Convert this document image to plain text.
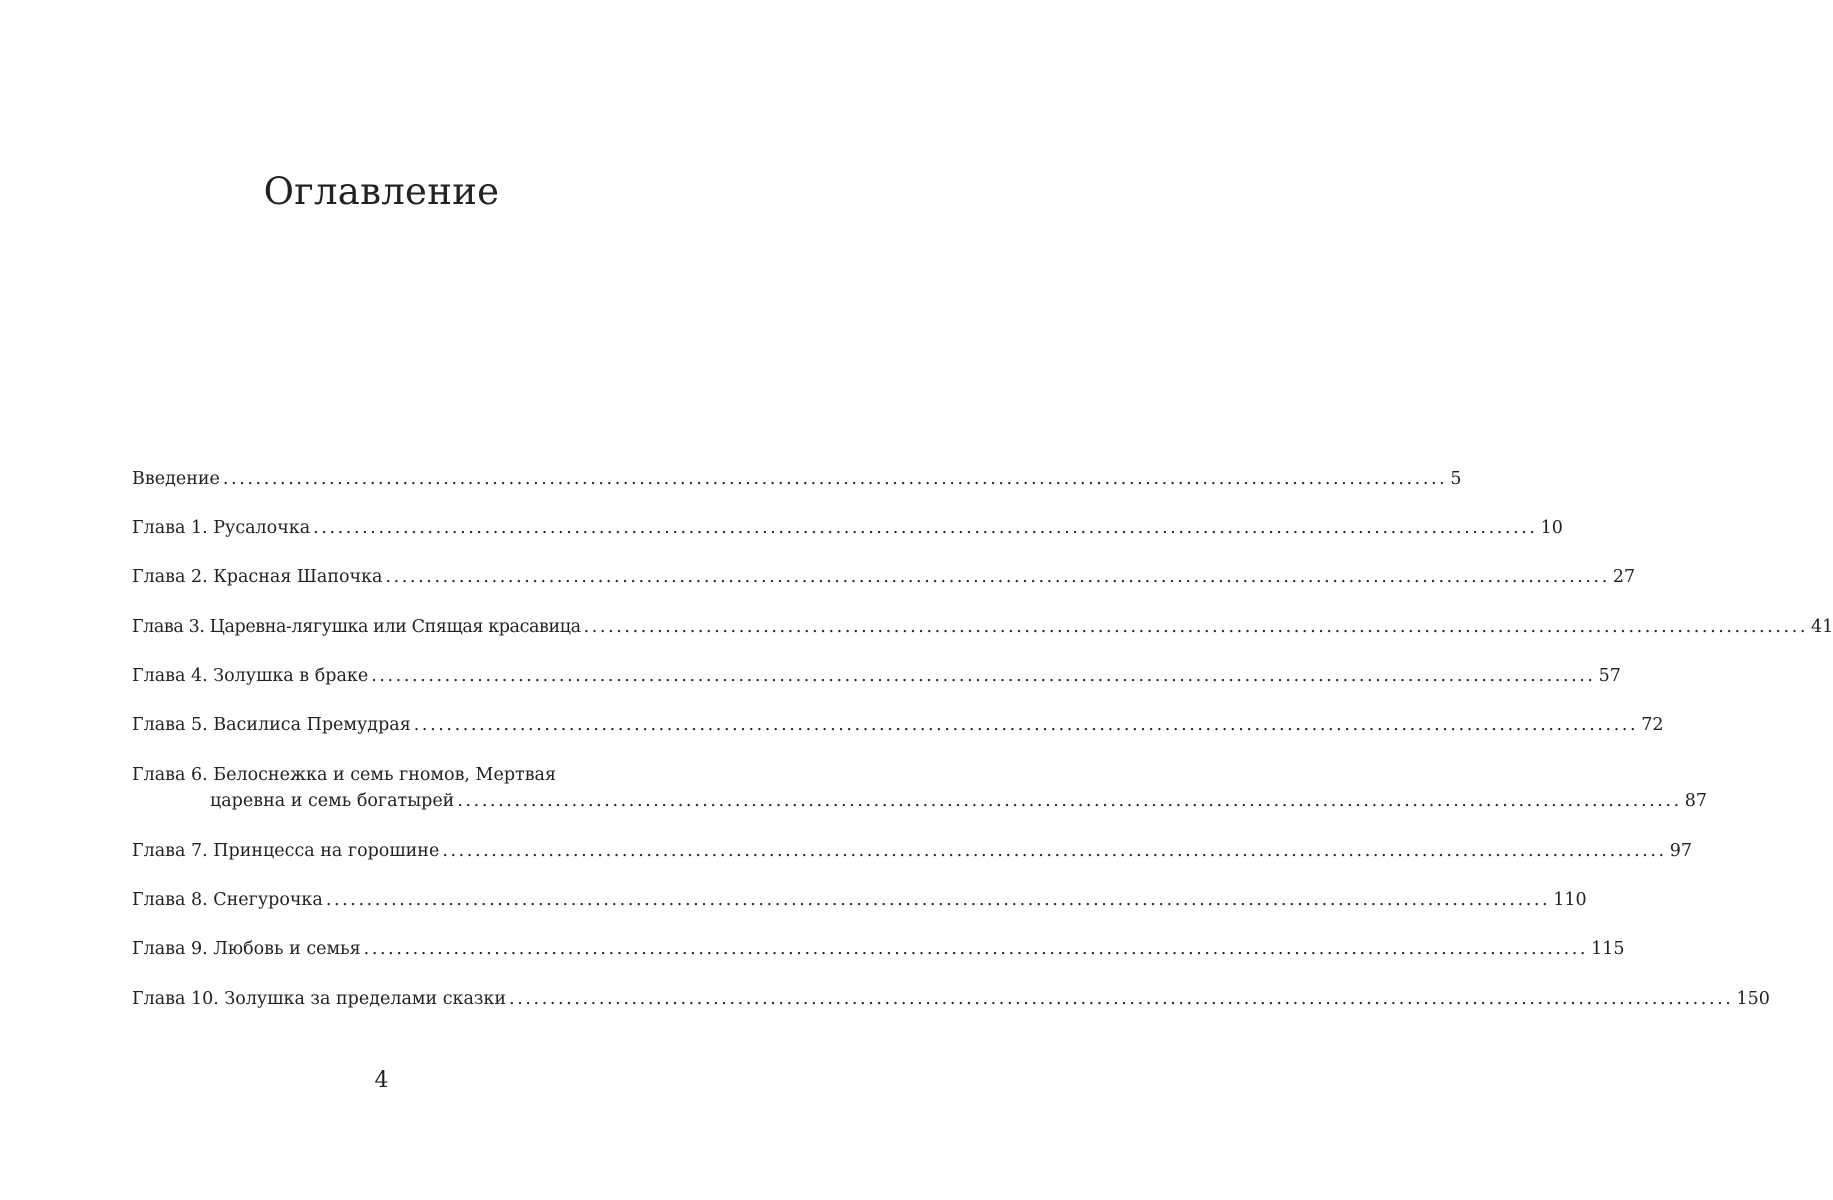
Оглавление
Введение ...................................................................................................................................................... 5
Глава 1. Русалочка ...................................................................................................................................................... 10
Глава 2. Красная Шапочка ...................................................................................................................................................... 27
Глава 3. Царевна-лягушка или Спящая красавица ...................................................................................................................................................... 41
Глава 4. Золушка в браке ...................................................................................................................................................... 57
Глава 5. Василиса Премудрая ...................................................................................................................................................... 72
Глава 6. Белоснежка и семь гномов, Мертвая
царевна и семь богатырей ...................................................................................................................................................... 87
Глава 7. Принцесса на горошине ...................................................................................................................................................... 97
Глава 8. Снегурочка ...................................................................................................................................................... 110
Глава 9. Любовь и семья ...................................................................................................................................................... 115
Глава 10. Золушка за пределами сказки ...................................................................................................................................................... 150
4
